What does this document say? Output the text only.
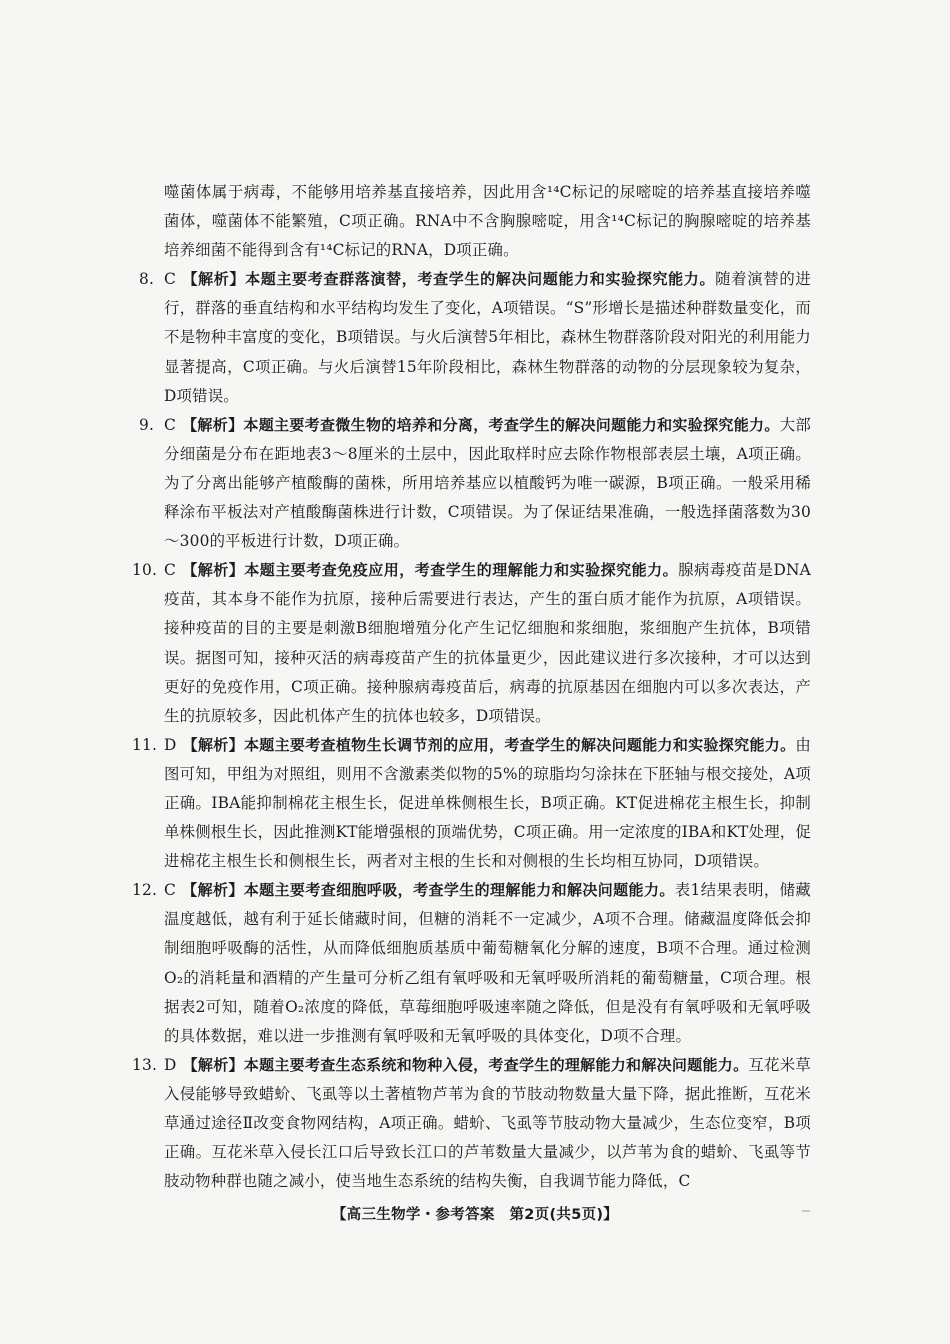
噬菌体属于病毒，不能够用培养基直接培养，因此用含¹⁴C标记的尿嘧啶的培养基直接培养噬菌体，噬菌体不能繁殖，C项正确。RNA中不含胸腺嘧啶，用含¹⁴C标记的胸腺嘧啶的培养基培养细菌不能得到含有¹⁴C标记的RNA，D项正确。

8. C 【解析】本题主要考查群落演替，考查学生的解决问题能力和实验探究能力。随着演替的进行，群落的垂直结构和水平结构均发生了变化，A项错误。“S”形增长是描述种群数量变化，而不是物种丰富度的变化，B项错误。与火后演替5年相比，森林生物群落阶段对阳光的利用能力显著提高，C项正确。与火后演替15年阶段相比，森林生物群落的动物的分层现象较为复杂，D项错误。
9. C 【解析】本题主要考查微生物的培养和分离，考查学生的解决问题能力和实验探究能力。大部分细菌是分布在距地表3～8厘米的土层中，因此取样时应去除作物根部表层土壤，A项正确。为了分离出能够产植酸酶的菌株，所用培养基应以植酸钙为唯一碳源，B项正确。一般采用稀释涂布平板法对产植酸酶菌株进行计数，C项错误。为了保证结果准确，一般选择菌落数为30～300的平板进行计数，D项正确。
10. C 【解析】本题主要考查免疫应用，考查学生的理解能力和实验探究能力。腺病毒疫苗是DNA疫苗，其本身不能作为抗原，接种后需要进行表达，产生的蛋白质才能作为抗原，A项错误。接种疫苗的目的主要是刺激B细胞增殖分化产生记忆细胞和浆细胞，浆细胞产生抗体，B项错误。据图可知，接种灭活的病毒疫苗产生的抗体量更少，因此建议进行多次接种，才可以达到更好的免疫作用，C项正确。接种腺病毒疫苗后，病毒的抗原基因在细胞内可以多次表达，产生的抗原较多，因此机体产生的抗体也较多，D项错误。
11. D 【解析】本题主要考查植物生长调节剂的应用，考查学生的解决问题能力和实验探究能力。由图可知，甲组为对照组，则用不含激素类似物的5%的琼脂均匀涂抹在下胚轴与根交接处，A项正确。IBA能抑制棉花主根生长，促进单株侧根生长，B项正确。KT促进棉花主根生长，抑制单株侧根生长，因此推测KT能增强根的顶端优势，C项正确。用一定浓度的IBA和KT处理，促进棉花主根生长和侧根生长，两者对主根的生长和对侧根的生长均相互协同，D项错误。
12. C 【解析】本题主要考查细胞呼吸，考查学生的理解能力和解决问题能力。表1结果表明，储藏温度越低，越有利于延长储藏时间，但糖的消耗不一定减少，A项不合理。储藏温度降低会抑制细胞呼吸酶的活性，从而降低细胞质基质中葡萄糖氧化分解的速度，B项不合理。通过检测O₂的消耗量和酒精的产生量可分析乙组有氧呼吸和无氧呼吸所消耗的葡萄糖量，C项合理。根据表2可知，随着O₂浓度的降低，草莓细胞呼吸速率随之降低，但是没有有氧呼吸和无氧呼吸的具体数据，难以进一步推测有氧呼吸和无氧呼吸的具体变化，D项不合理。
13. D 【解析】本题主要考查生态系统和物种入侵，考查学生的理解能力和解决问题能力。互花米草入侵能够导致蜡蚧、飞虱等以土著植物芦苇为食的节肢动物数量大量下降，据此推断，互花米草通过途径Ⅱ改变食物网结构，A项正确。蜡蚧、飞虱等节肢动物大量减少，生态位变窄，B项正确。互花米草入侵长江口后导致长江口的芦苇数量大量减少，以芦苇为食的蜡蚧、飞虱等节肢动物种群也随之减小，使当地生态系统的结构失衡，自我调节能力降低，C
【高三生物学・参考答案　第2页(共5页)】
